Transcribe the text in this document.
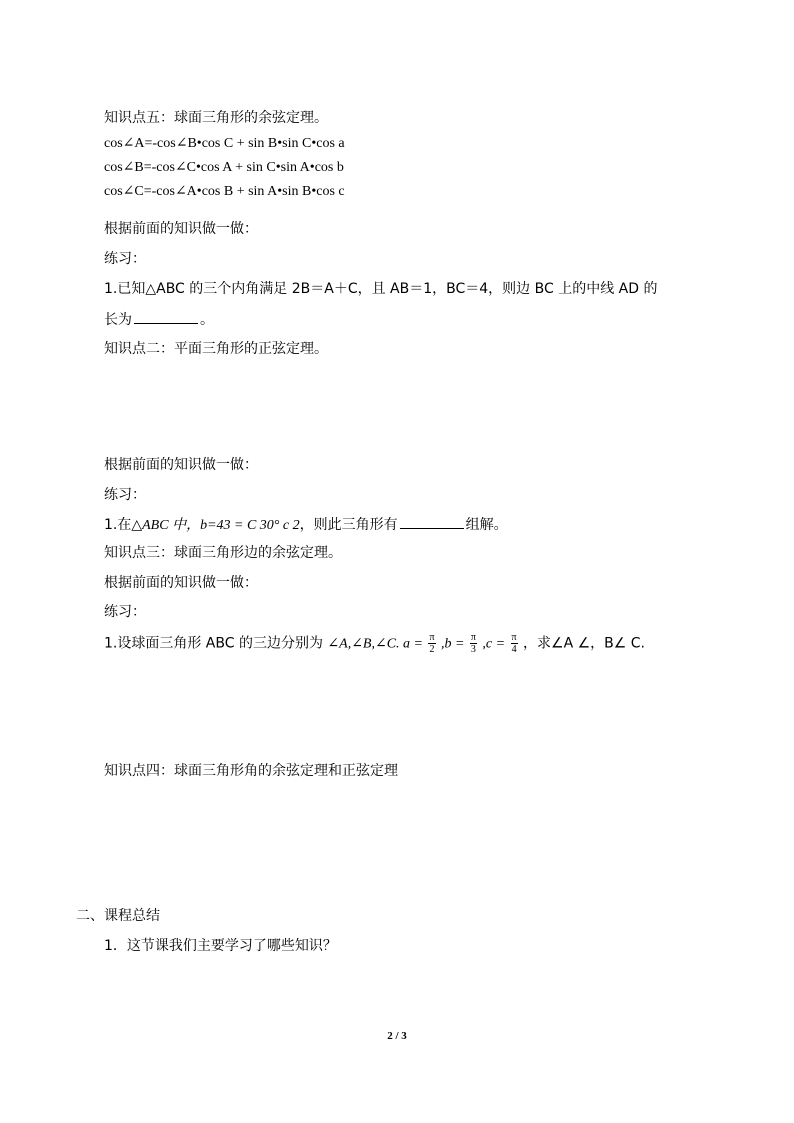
知识点五：球面三角形的余弦定理。
cos∠A=-cos∠B•cos C + sin B•sin C•cos a
cos∠B=-cos∠C•cos A + sin C•sin A•cos b
cos∠C=-cos∠A•cos B + sin A•sin B•cos c
根据前面的知识做一做：
练习：
1.已知△ABC 的三个内角满足 2B＝A＋C，且 AB＝1，BC＝4，则边 BC 上的中线 AD 的
长为	。
知识点二：平面三角形的正弦定理。
根据前面的知识做一做：
练习：
1.在△ABC 中，b=43 = C 30° c 2，则此三角形有	组解。
知识点三：球面三角形边的余弦定理。
根据前面的知识做一做：
练习：
1.设球面三角形 ABC 的三边分别为 ∠A,∠B,∠C. $a = \frac{\pi}{2} ,b = \frac{\pi}{3} ,c = \frac{\pi}{4}$ ，求∠A ∠，B∠ C.
知识点四：球面三角形角的余弦定理和正弦定理
二、课程总结
1．这节课我们主要学习了哪些知识？
2 / 3
